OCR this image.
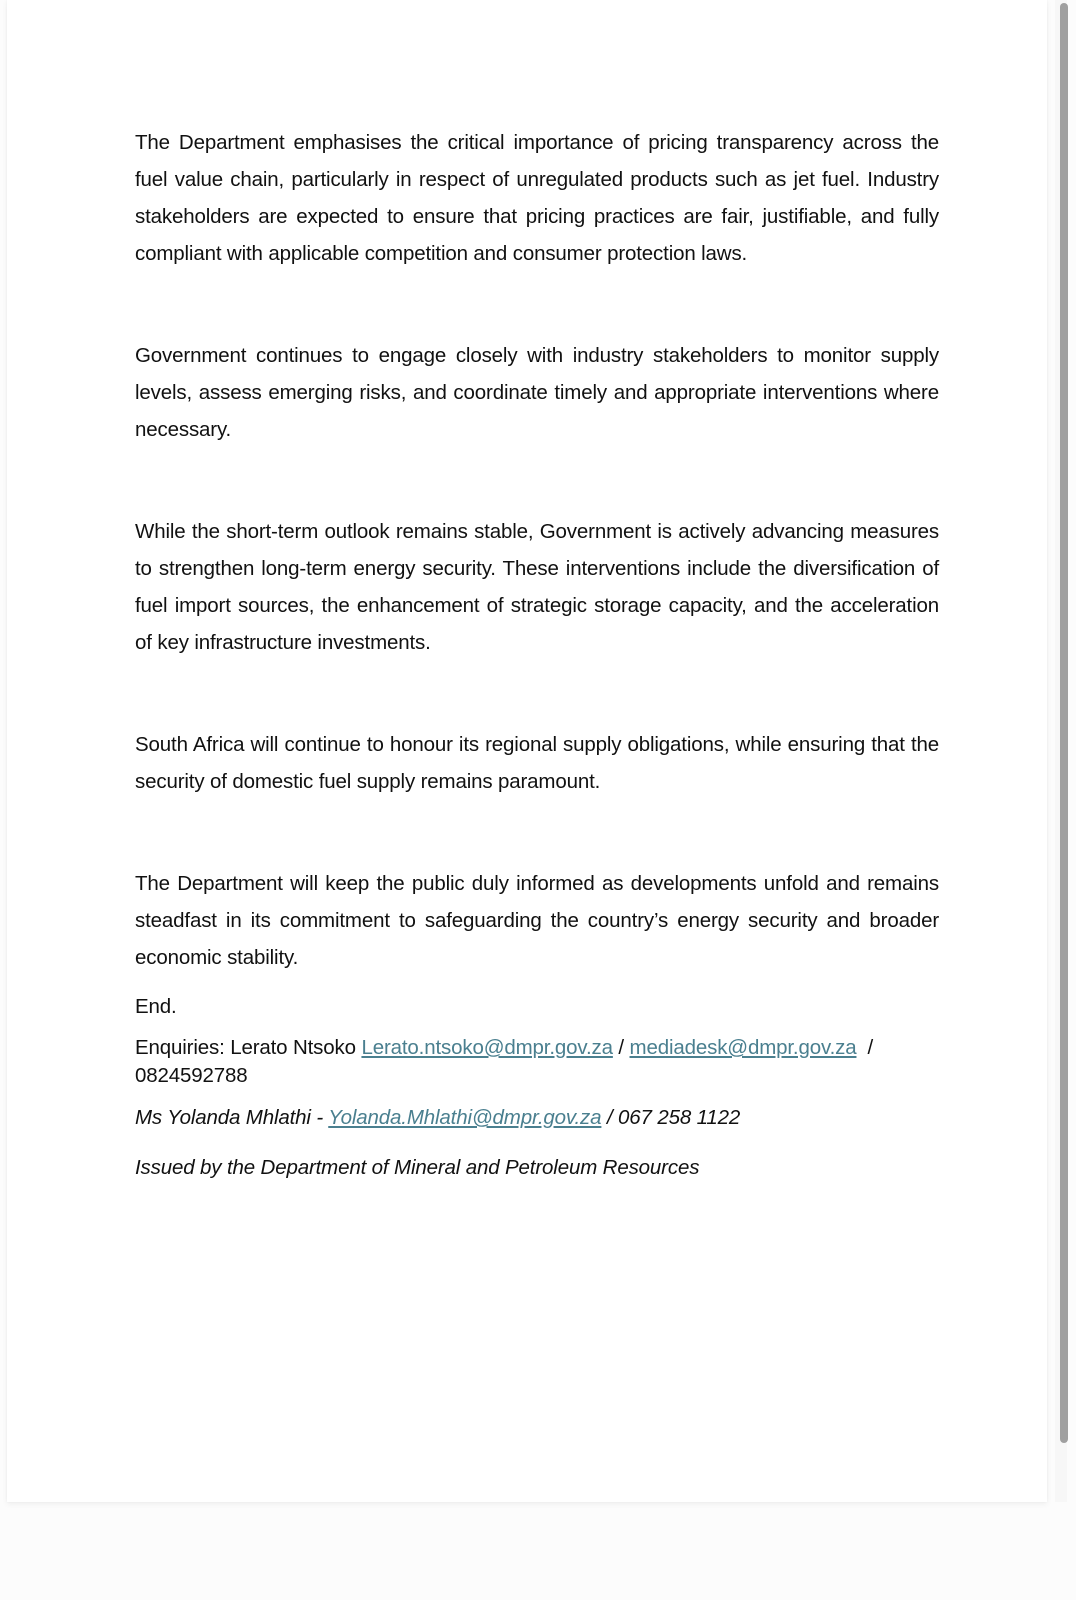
The Department emphasises the critical importance of pricing transparency across the fuel value chain, particularly in respect of unregulated products such as jet fuel. Industry stakeholders are expected to ensure that pricing practices are fair, justifiable, and fully compliant with applicable competition and consumer protection laws.

Government continues to engage closely with industry stakeholders to monitor supply levels, assess emerging risks, and coordinate timely and appropriate interventions where necessary.

While the short-term outlook remains stable, Government is actively advancing measures to strengthen long-term energy security. These interventions include the diversification of fuel import sources, the enhancement of strategic storage capacity, and the acceleration of key infrastructure investments.

South Africa will continue to honour its regional supply obligations, while ensuring that the security of domestic fuel supply remains paramount.

The Department will keep the public duly informed as developments unfold and remains steadfast in its commitment to safeguarding the country’s energy security and broader economic stability.

End.

Enquiries: Lerato Ntsoko Lerato.ntsoko@dmpr.gov.za / mediadesk@dmpr.gov.za  /
0824592788

Ms Yolanda Mhlathi - Yolanda.Mhlathi@dmpr.gov.za / 067 258 1122

Issued by the Department of Mineral and Petroleum Resources
